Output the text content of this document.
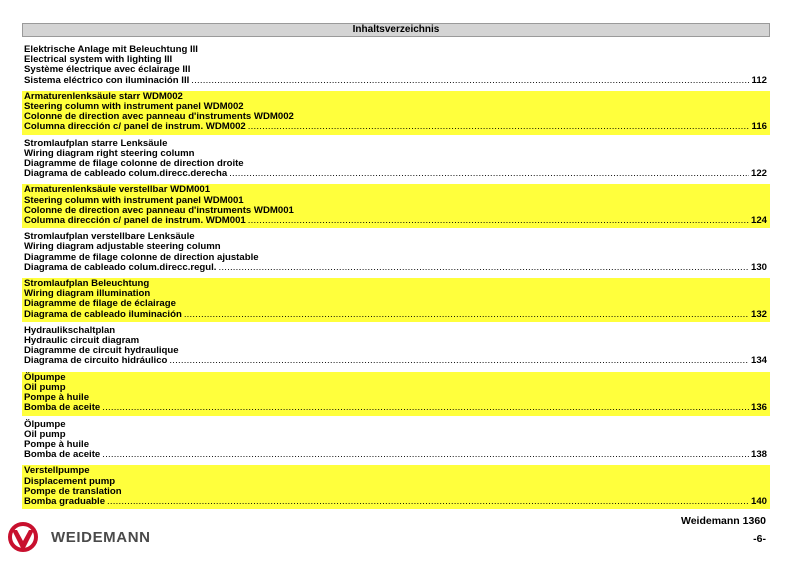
Inhaltsverzeichnis
Elektrische Anlage mit Beleuchtung III
Electrical system with lighting III
Système électrique avec éclairage III
Sistema eléctrico con iluminación III .....	112
Armaturenlenksäule starr WDM002
Steering column with instrument panel WDM002
Colonne de direction avec panneau d'instruments WDM002
Columna dirección c/ panel de instrum. WDM002 .....	116
Stromlaufplan starre Lenksäule
Wiring diagram right steering column
Diagramme de filage colonne de direction droite
Diagrama de cableado colum.direcc.derecha .....	122
Armaturenlenksäule verstellbar WDM001
Steering column with instrument panel WDM001
Colonne de direction avec panneau d'instruments WDM001
Columna dirección c/ panel de instrum. WDM001 .....	124
Stromlaufplan verstellbare Lenksäule
Wiring diagram adjustable steering column
Diagramme de filage colonne de direction ajustable
Diagrama de cableado colum.direcc.regul. .....	130
Stromlaufplan Beleuchtung
Wiring diagram illumination
Diagramme de filage de éclairage
Diagrama de cableado iluminación .....	132
Hydraulikschaltplan
Hydraulic circuit diagram
Diagramme de circuit hydraulique
Diagrama de circuito hidráulico .....	134
Ölpumpe
Oil pump
Pompe à huile
Bomba de aceite .....	136
Ölpumpe
Oil pump
Pompe à huile
Bomba de aceite .....	138
Verstellpumpe
Displacement pump
Pompe de translation
Bomba graduable .....	140
WEIDEMANN
Weidemann 1360
-6-
